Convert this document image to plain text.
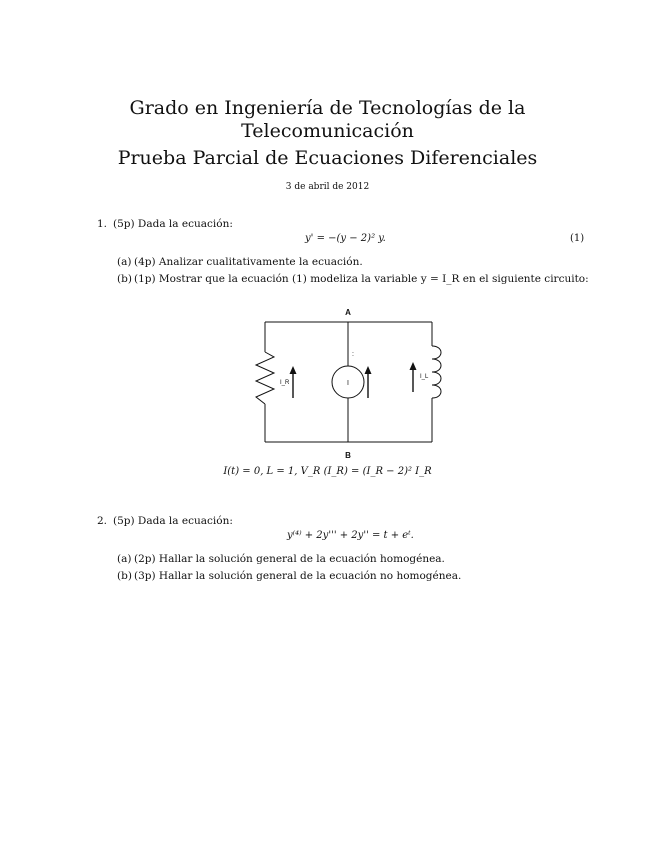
Grado en Ingeniería de Tecnologías de la
Telecomunicación
Prueba Parcial de Ecuaciones Diferenciales
3 de abril de 2012
1. (5p) Dada la ecuación:
y' = −(y − 2)² y.	(1)
(a) (4p) Analizar cualitativamente la ecuación.
(b) (1p) Mostrar que la ecuación (1) modeliza la variable y = I_R en el siguiente circuito:
A
B
I
I_R
I_L
:
I(t) = 0, L = 1, V_R (I_R) = (I_R − 2)² I_R
2. (5p) Dada la ecuación:
y⁽⁴⁾ + 2y''' + 2y'' = t + eᵗ.
(a) (2p) Hallar la solución general de la ecuación homogénea.
(b) (3p) Hallar la solución general de la ecuación no homogénea.
